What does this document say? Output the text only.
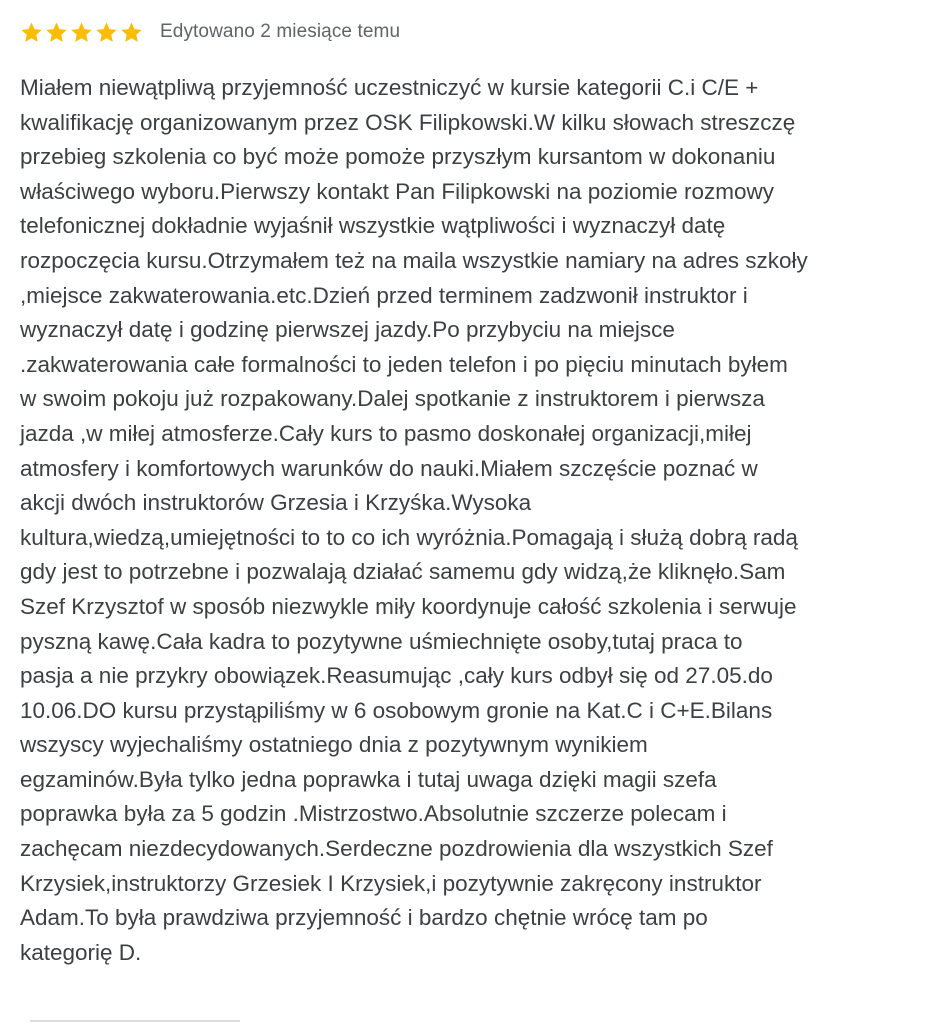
Edytowano 2 miesiące temu
Miałem niewątpliwą przyjemność uczestniczyć w kursie kategorii C.i C/E +
kwalifikację organizowanym przez OSK Filipkowski.W kilku słowach streszczę
przebieg szkolenia co być może pomoże przyszłym kursantom w dokonaniu
właściwego wyboru.Pierwszy kontakt Pan Filipkowski na poziomie rozmowy
telefonicznej dokładnie wyjaśnił wszystkie wątpliwości i wyznaczył datę
rozpoczęcia kursu.Otrzymałem też na maila wszystkie namiary na adres szkoły
,miejsce zakwaterowania.etc.Dzień przed terminem zadzwonił instruktor i
wyznaczył datę i godzinę pierwszej jazdy.Po przybyciu na miejsce
.zakwaterowania całe formalności to jeden telefon i po pięciu minutach byłem
w swoim pokoju już rozpakowany.Dalej spotkanie z instruktorem i pierwsza
jazda ,w miłej atmosferze.Cały kurs to pasmo doskonałej organizacji,miłej
atmosfery i komfortowych warunków do nauki.Miałem szczęście poznać w
akcji dwóch instruktorów Grzesia i Krzyśka.Wysoka
kultura,wiedzą,umiejętności to to co ich wyróżnia.Pomagają i służą dobrą radą
gdy jest to potrzebne i pozwalają działać samemu gdy widzą,że kliknęło.Sam
Szef Krzysztof w sposób niezwykle miły koordynuje całość szkolenia i serwuje
pyszną kawę.Cała kadra to pozytywne uśmiechnięte osoby,tutaj praca to
pasja a nie przykry obowiązek.Reasumując ,cały kurs odbył się od 27.05.do
10.06.DO kursu przystąpiliśmy w 6 osobowym gronie na Kat.C i C+E.Bilans
wszyscy wyjechaliśmy ostatniego dnia z pozytywnym wynikiem
egzaminów.Była tylko jedna poprawka i tutaj uwaga dzięki magii szefa
poprawka była za 5 godzin .Mistrzostwo.Absolutnie szczerze polecam i
zachęcam niezdecydowanych.Serdeczne pozdrowienia dla wszystkich Szef
Krzysiek,instruktorzy Grzesiek I Krzysiek,i pozytywnie zakręcony instruktor
Adam.To była prawdziwa przyjemność i bardzo chętnie wrócę tam po
kategorię D.
